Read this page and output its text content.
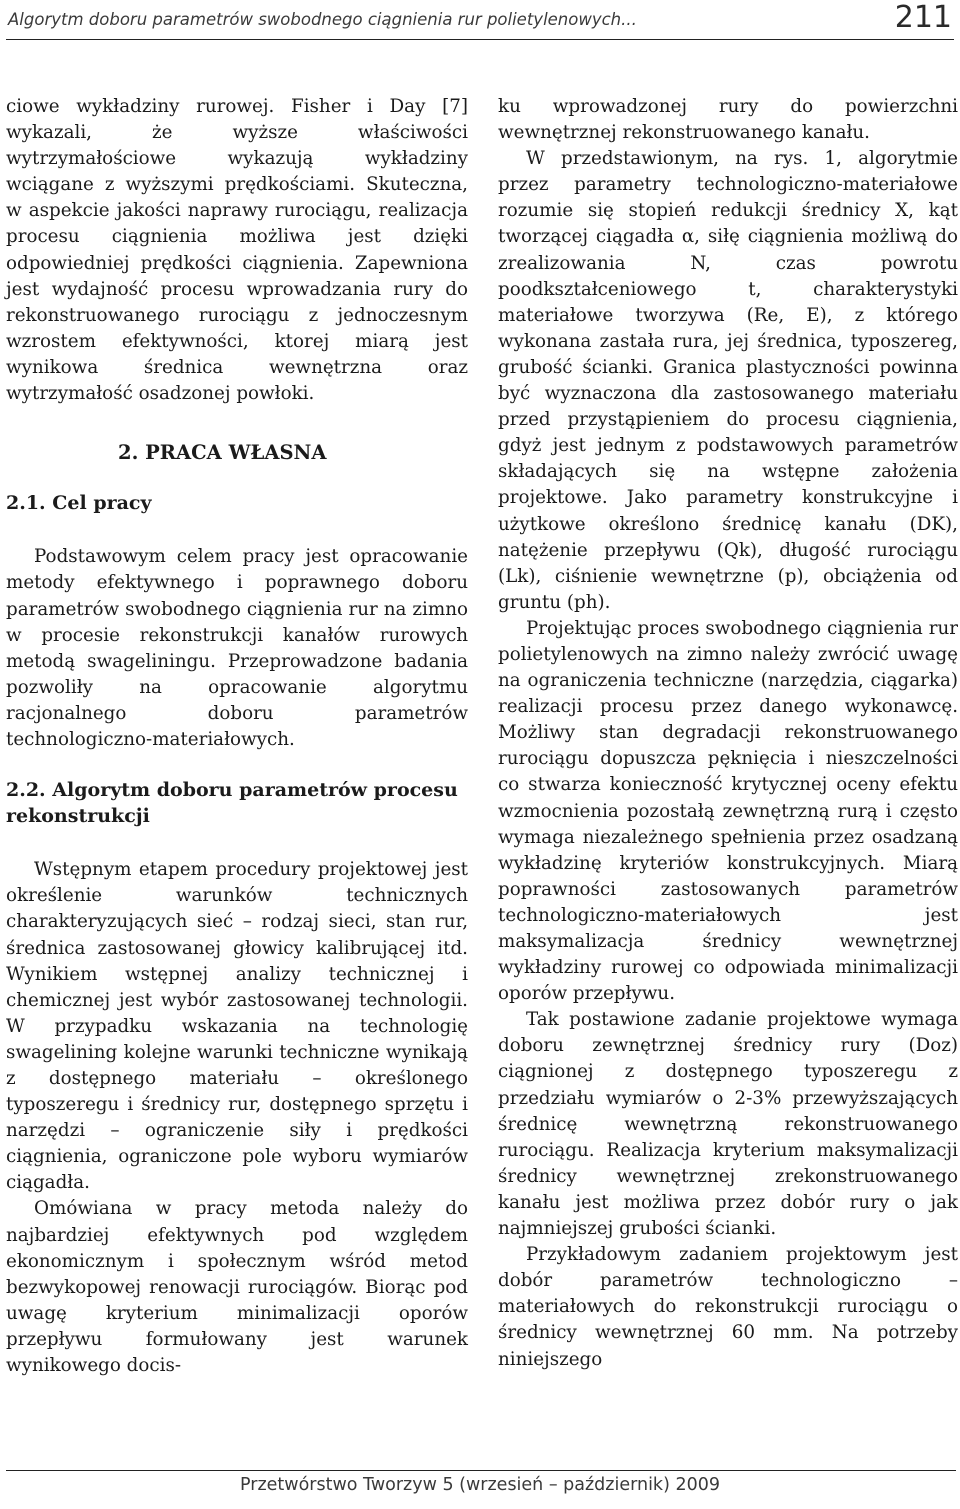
Algorytm doboru parametrów swobodnego ciągnienia rur polietylenowych...	211

ciowe wykładziny rurowej. Fisher i Day [7] wykazali, że wyższe właściwości wytrzymałościowe wykazują wykładziny wciągane z wyższymi prędkościami. Skuteczna, w aspekcie jakości naprawy rurociągu, realizacja procesu ciągnienia możliwa jest dzięki odpowiedniej prędkości ciągnienia. Zapewniona jest wydajność procesu wprowadzania rury do rekonstruowanego rurociągu z jednoczesnym wzrostem efektywności, ktorej miarą jest wynikowa średnica wewnętrzna oraz wytrzymałość osadzonej powłoki.

2. PRACA WŁASNA
2.1. Cel pracy

Podstawowym celem pracy jest opracowanie metody efektywnego i poprawnego doboru parametrów swobodnego ciągnienia rur na zimno w procesie rekonstrukcji kanałów rurowych metodą swageliningu. Przeprowadzone badania pozwoliły na opracowanie algorytmu racjonalnego doboru parametrów technologiczno-materiałowych.

2.2. Algorytm doboru parametrów procesu rekonstrukcji

Wstępnym etapem procedury projektowej jest określenie warunków technicznych charakteryzujących sieć – rodzaj sieci, stan rur, średnica zastosowanej głowicy kalibrującej itd. Wynikiem wstępnej analizy technicznej i chemicznej jest wybór zastosowanej technologii. W przypadku wskazania na technologię swagelining kolejne warunki techniczne wynikają z dostępnego materiału – określonego typoszeregu i średnicy rur, dostępnego sprzętu i narzędzi – ograniczenie siły i prędkości ciągnienia, ograniczone pole wyboru wymiarów ciągadła.

Omówiana w pracy metoda należy do najbardziej efektywnych pod względem ekonomicznym i społecznym wśród metod bezwykopowej renowacji rurociągów. Biorąc pod uwagę kryterium minimalizacji oporów przepływu formułowany jest warunek wynikowego docis-

ku wprowadzonej rury do powierzchni wewnętrznej rekonstruowanego kanału.

W przedstawionym, na rys. 1, algorytmie przez parametry technologiczno-materiałowe rozumie się stopień redukcji średnicy X, kąt tworzącej ciągadła α, siłę ciągnienia możliwą do zrealizowania N, czas powrotu poodkształceniowego t, charakterystyki materiałowe tworzywa (Re, E), z którego wykonana zastała rura, jej średnica, typoszereg, grubość ścianki. Granica plastyczności powinna być wyznaczona dla zastosowanego materiału przed przystąpieniem do procesu ciągnienia, gdyż jest jednym z podstawowych parametrów składających się na wstępne założenia projektowe. Jako parametry konstrukcyjne i użytkowe określono średnicę kanału (DK), natężenie przepływu (Qk), długość rurociągu (Lk), ciśnienie wewnętrzne (p), obciążenia od gruntu (ph).

Projektując proces swobodnego ciągnienia rur polietylenowych na zimno należy zwrócić uwagę na ograniczenia techniczne (narzędzia, ciągarka) realizacji procesu przez danego wykonawcę. Możliwy stan degradacji rekonstruowanego rurociągu dopuszcza pęknięcia i nieszczelności co stwarza konieczność krytycznej oceny efektu wzmocnienia pozostałą zewnętrzną rurą i często wymaga niezależnego spełnienia przez osadzaną wykładzinę kryteriów konstrukcyjnych. Miarą poprawności zastosowanych parametrów technologiczno-materiałowych jest maksymalizacja średnicy wewnętrznej wykładziny rurowej co odpowiada minimalizacji oporów przepływu.

Tak postawione zadanie projektowe wymaga doboru zewnętrznej średnicy rury (Doz) ciągnionej z dostępnego typoszeregu z przedziału wymiarów o 2-3% przewyższających średnicę wewnętrzną rekonstruowanego rurociągu. Realizacja kryterium maksymalizacji średnicy wewnętrznej zrekonstruowanego kanału jest możliwa przez dobór rury o jak najmniejszej grubości ścianki.

Przykładowym zadaniem projektowym jest dobór parametrów technologiczno – materiałowych do rekonstrukcji rurociągu o średnicy wewnętrznej 60 mm. Na potrzeby niniejszego

Przetwórstwo Tworzyw 5 (wrzesień – październik) 2009
